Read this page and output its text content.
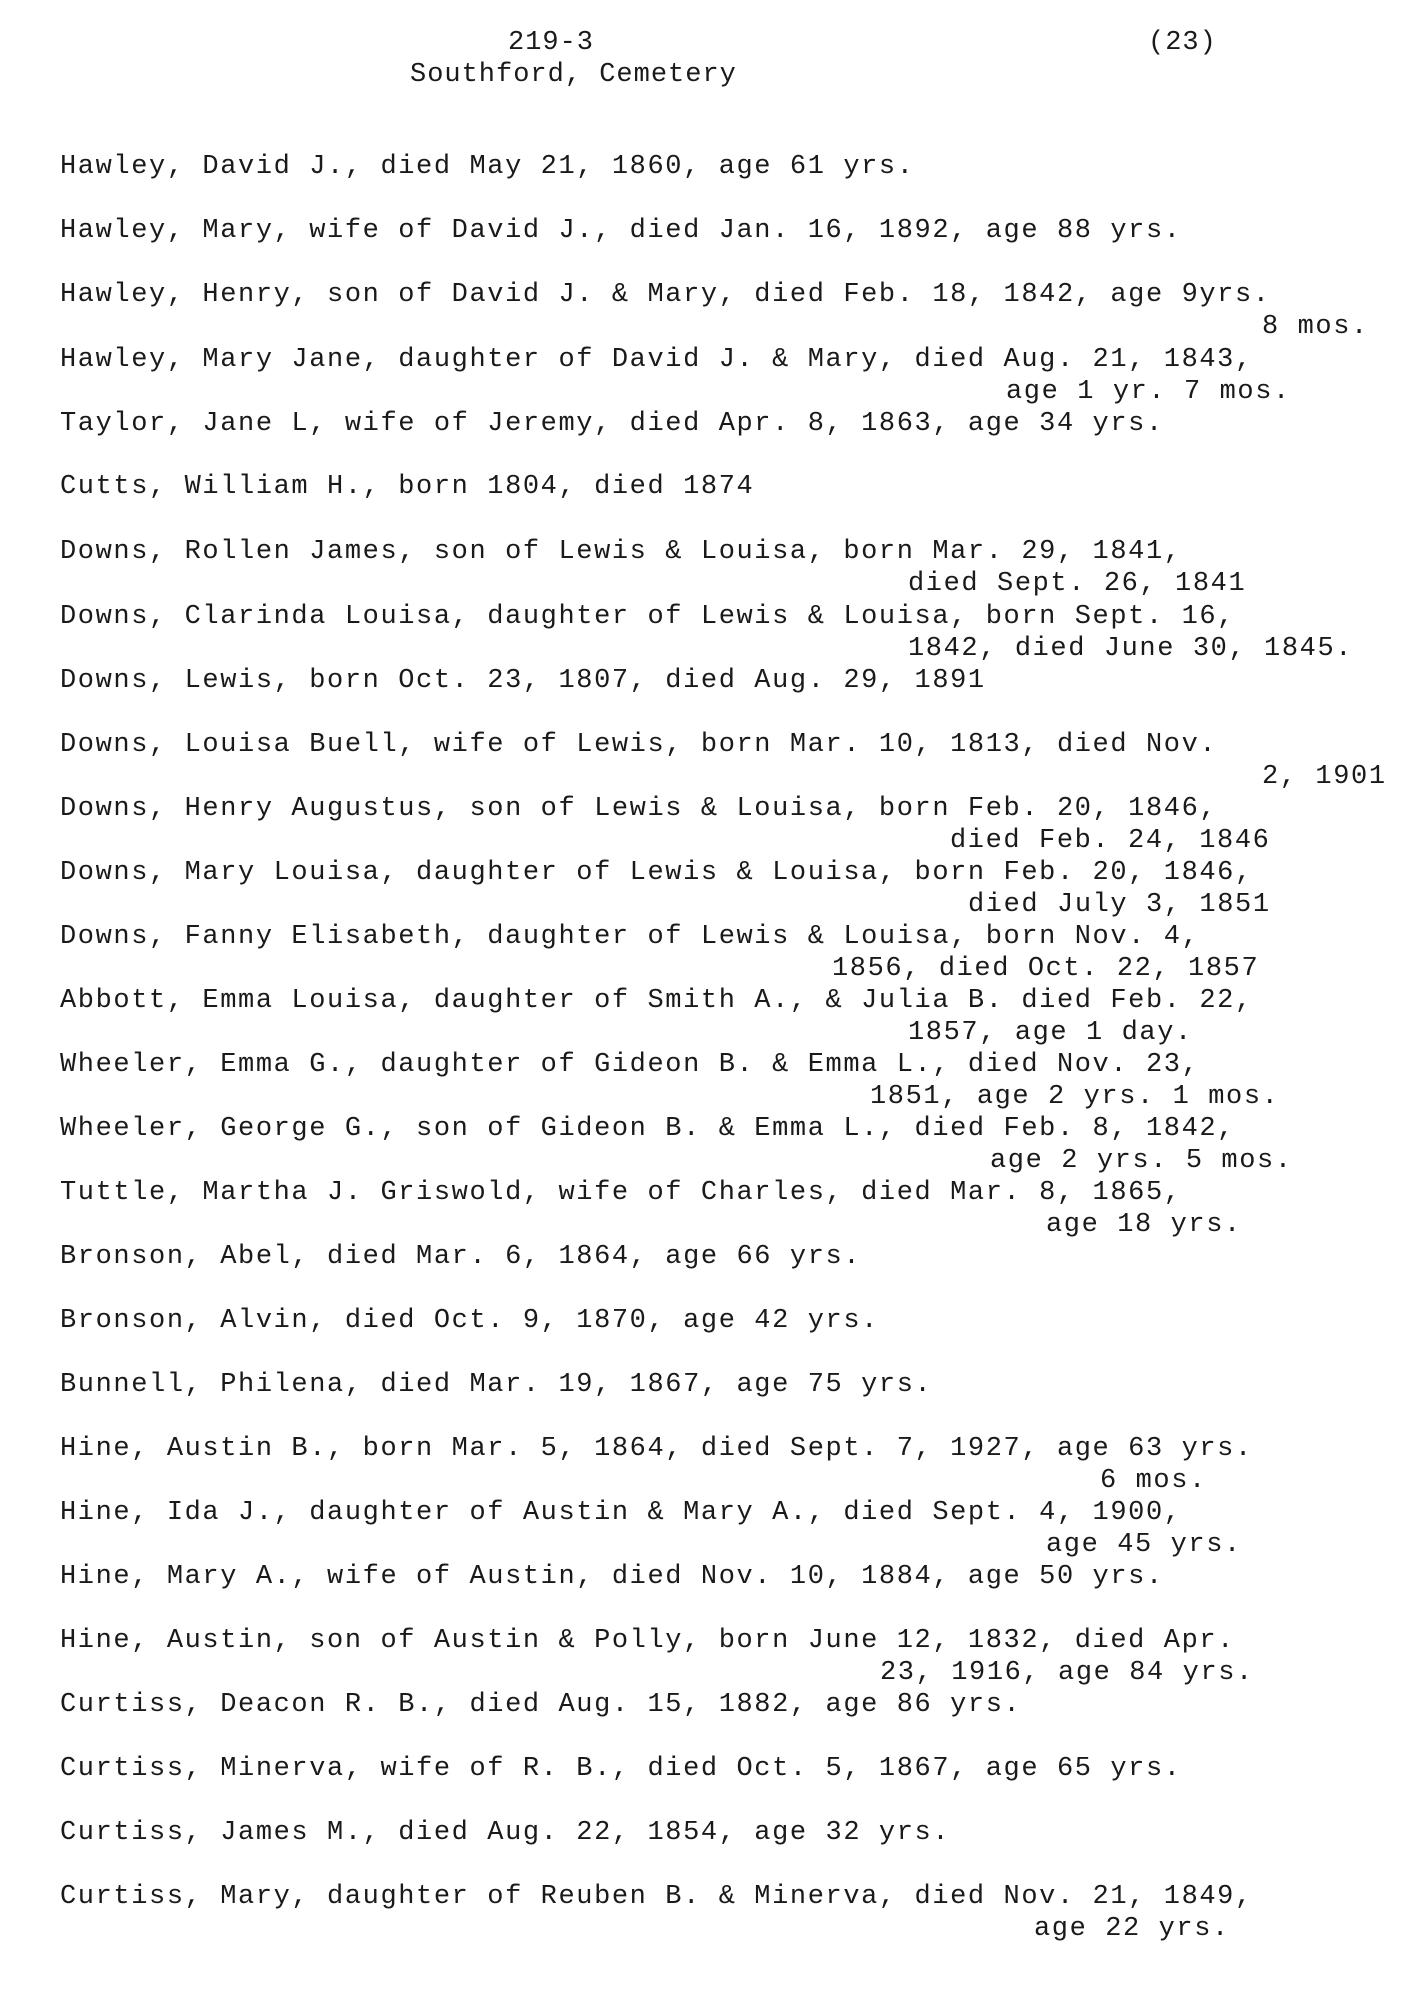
219-3
Southford, Cemetery
(23)
Hawley, David J., died May 21, 1860, age 61 yrs.
Hawley, Mary, wife of David J., died Jan. 16, 1892, age 88 yrs.
Hawley, Henry, son of David J. & Mary, died Feb. 18, 1842, age 9yrs.
8 mos.
Hawley, Mary Jane, daughter of David J. & Mary, died Aug. 21, 1843,
age 1 yr. 7 mos.
Taylor, Jane L, wife of Jeremy, died Apr. 8, 1863, age 34 yrs.
Cutts, William H., born 1804, died 1874
Downs, Rollen James, son of Lewis & Louisa, born Mar. 29, 1841,
died Sept. 26, 1841
Downs, Clarinda Louisa, daughter of Lewis & Louisa, born Sept. 16,
1842, died June 30, 1845.
Downs, Lewis, born Oct. 23, 1807, died Aug. 29, 1891
Downs, Louisa Buell, wife of Lewis, born Mar. 10, 1813, died Nov.
2, 1901
Downs, Henry Augustus, son of Lewis & Louisa, born Feb. 20, 1846,
died Feb. 24, 1846
Downs, Mary Louisa, daughter of Lewis & Louisa, born Feb. 20, 1846,
died July 3, 1851
Downs, Fanny Elisabeth, daughter of Lewis & Louisa, born Nov. 4,
1856, died Oct. 22, 1857
Abbott, Emma Louisa, daughter of Smith A., & Julia B. died Feb. 22,
1857, age 1 day.
Wheeler, Emma G., daughter of Gideon B. & Emma L., died Nov. 23,
1851, age 2 yrs. 1 mos.
Wheeler, George G., son of Gideon B. & Emma L., died Feb. 8, 1842,
age 2 yrs. 5 mos.
Tuttle, Martha J. Griswold, wife of Charles, died Mar. 8, 1865,
age 18 yrs.
Bronson, Abel, died Mar. 6, 1864, age 66 yrs.
Bronson, Alvin, died Oct. 9, 1870, age 42 yrs.
Bunnell, Philena, died Mar. 19, 1867, age 75 yrs.
Hine, Austin B., born Mar. 5, 1864, died Sept. 7, 1927, age 63 yrs.
6 mos.
Hine, Ida J., daughter of Austin & Mary A., died Sept. 4, 1900,
age 45 yrs.
Hine, Mary A., wife of Austin, died Nov. 10, 1884, age 50 yrs.
Hine, Austin, son of Austin & Polly, born June 12, 1832, died Apr.
23, 1916, age 84 yrs.
Curtiss, Deacon R. B., died Aug. 15, 1882, age 86 yrs.
Curtiss, Minerva, wife of R. B., died Oct. 5, 1867, age 65 yrs.
Curtiss, James M., died Aug. 22, 1854, age 32 yrs.
Curtiss, Mary, daughter of Reuben B. & Minerva, died Nov. 21, 1849,
age 22 yrs.
